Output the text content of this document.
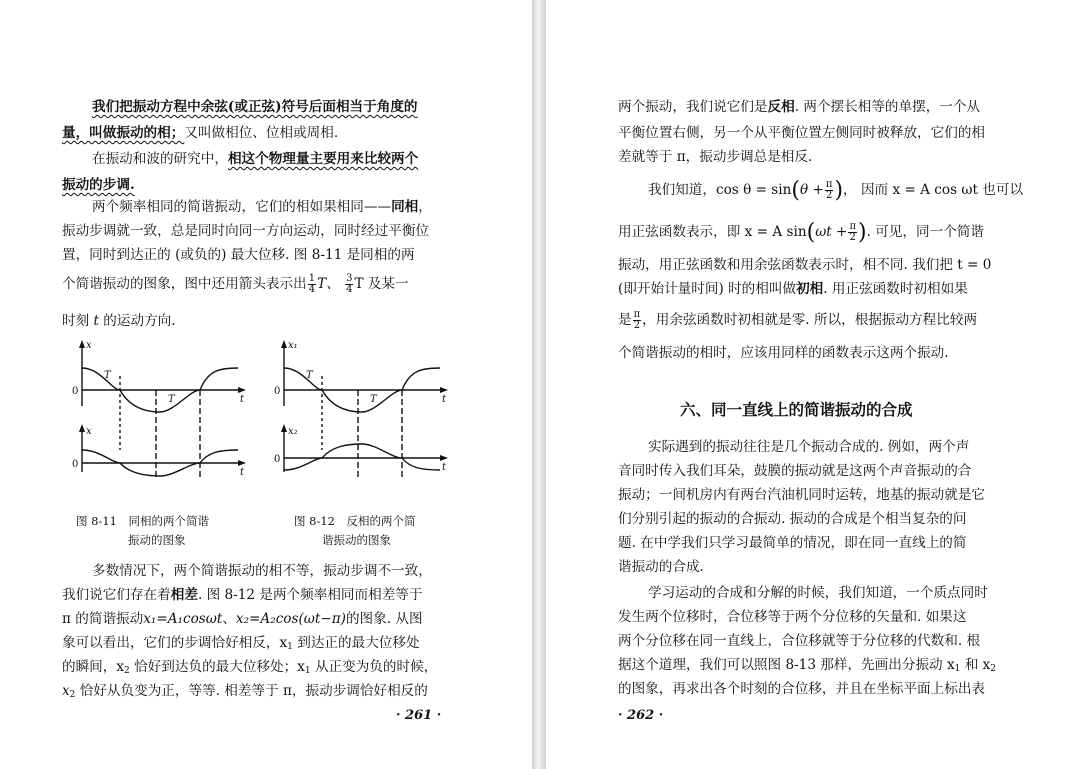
我们把振动方程中余弦(或正弦)符号后面相当于角度的
量，叫做振动的相；又叫做相位、位相或周相.
在振动和波的研究中，相这个物理量主要用来比较两个
振动的步调.
两个频率相同的简谐振动，它们的相如果相同——同相，
振动步调就一致，总是同时向同一方向运动，同时经过平衡位
置，同时到达正的 (或负的) 最大位移. 图 8-11 是同相的两
个简谐振动的图象，图中还用箭头表示出 $\frac{1}{4}$ T、 $\frac{3}{4}$ T 及某一
时刻 t 的运动方向.
x
x
0
0
t
t
T
T
x₁
x₂
0
0
t
t
T
T
图 8-11　同相的两个简谐
振动的图象
图 8-12　反相的两个简
谐振动的图象
多数情况下，两个简谐振动的相不等，振动步调不一致，
我们说它们存在着相差. 图 8-12 是两个频率相同而相差等于
π 的简谐振动x₁=A₁cosωt、x₂=A₂cos(ωt−π)的图象. 从图
象可以看出，它们的步调恰好相反，$x_1$ 到达正的最大位移处
的瞬间，$x_2$ 恰好到达负的最大位移处；$x_1$ 从正变为负的时候，
$x_2$ 恰好从负变为正，等等. 相差等于 π，振动步调恰好相反的
· 261 ·
两个振动，我们说它们是反相. 两个摆长相等的单摆，一个从
平衡位置右侧，另一个从平衡位置左侧同时被释放，它们的相
差就等于 π，振动步调总是相反.
我们知道，$\cos \theta = \sin(\theta + \frac{\pi}{2}$ )， 因而 x = A cos ωt 也可以
用正弦函数表示，即 x = A $\sin(\omega t + \frac{\pi}{2}$ ). 可见，同一个简谐
振动，用正弦函数和用余弦函数表示时，相不同. 我们把 t = 0
(即开始计量时间) 时的相叫做初相. 用正弦函数时初相如果
是 $\frac{\pi}{2}$ ，用余弦函数时初相就是零. 所以，根据振动方程比较两
个简谐振动的相时，应该用同样的函数表示这两个振动.
六、同一直线上的简谐振动的合成
实际遇到的振动往往是几个振动合成的. 例如，两个声
音同时传入我们耳朵，鼓膜的振动就是这两个声音振动的合
振动；一间机房内有两台汽油机同时运转，地基的振动就是它
们分别引起的振动的合振动. 振动的合成是个相当复杂的问
题. 在中学我们只学习最简单的情况，即在同一直线上的简
谐振动的合成.
学习运动的合成和分解的时候，我们知道，一个质点同时
发生两个位移时，合位移等于两个分位移的矢量和. 如果这
两个分位移在同一直线上，合位移就等于分位移的代数和. 根
据这个道理，我们可以照图 8-13 那样，先画出分振动 $x_1$ 和 $x_2$
的图象，再求出各个时刻的合位移，并且在坐标平面上标出表
· 262 ·
